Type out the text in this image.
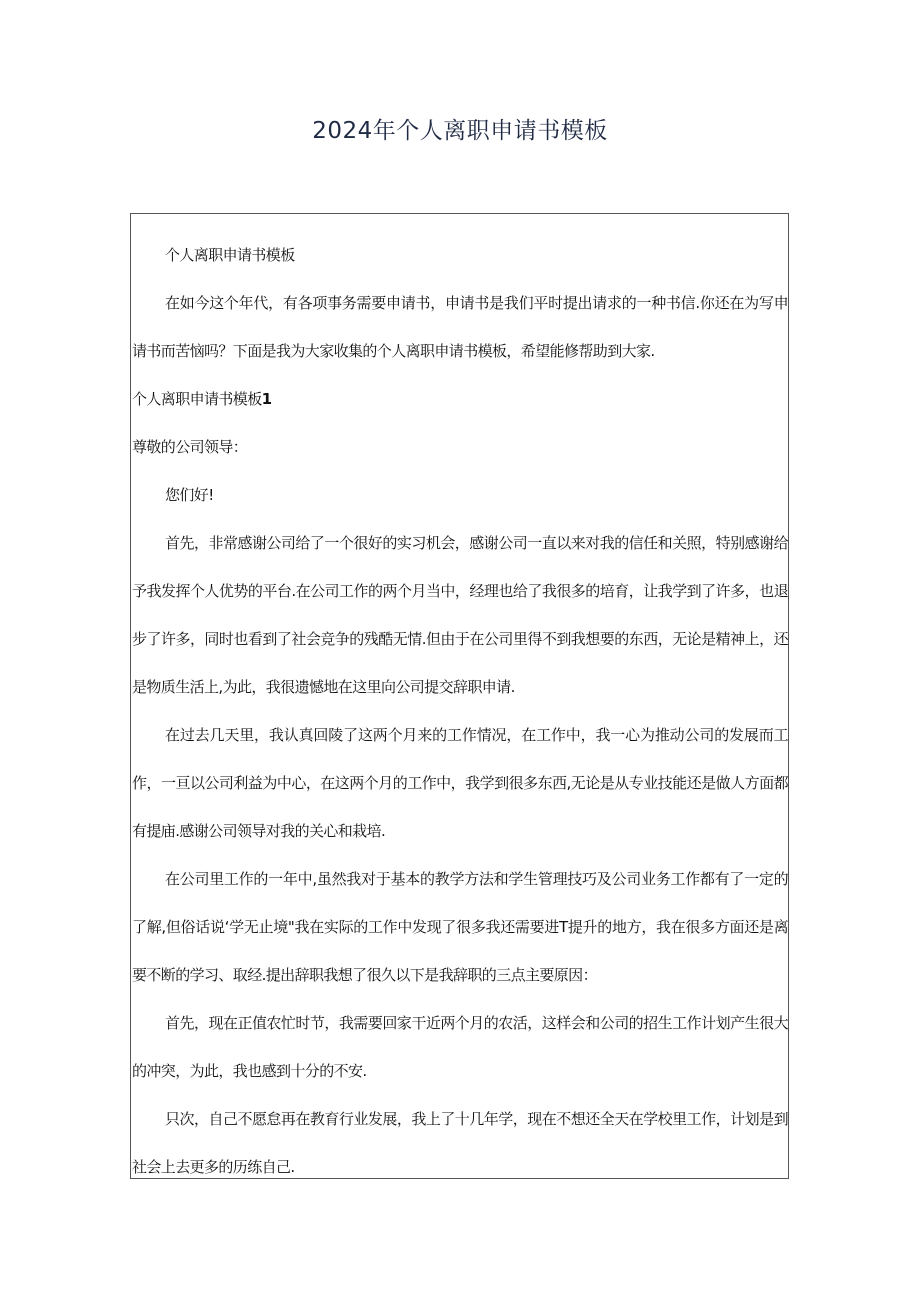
2024年个人离职申请书模板

个人离职申请书模板

在如今这个年代，有各项事务需要申请书，申请书是我们平时提出请求的一种书信.你还在为写申请书而苦恼吗？下面是我为大家收集的个人离职申请书模板，希望能修帮助到大家.

个人离职申请书模板1

尊敬的公司领导：

您们好!

首先，非常感谢公司给了一个很好的实习机会，感谢公司一直以来对我的信任和关照，特别感谢给予我发挥个人优势的平台.在公司工作的两个月当中，经理也给了我很多的培育，让我学到了许多，也退步了许多，同时也看到了社会竞争的残酷无情.但由于在公司里得不到我想要的东西，无论是精神上，还是物质生活上,为此，我很遗憾地在这里向公司提交辞职申请.

在过去几天里，我认真回陵了这两个月来的工作情况，在工作中，我一心为推动公司的发展而工作，一亘以公司利益为中心，在这两个月的工作中，我学到很多东西,无论是从专业技能还是做人方面都有提庙.感谢公司领导对我的关心和栽培.

在公司里工作的一年中,虽然我对于基本的教学方法和学生管理技巧及公司业务工作都有了一定的了解,但俗话说‘学无止境"我在实际的工作中发现了很多我还需要进T提升的地方，我在很多方面还是离要不断的学习、取经.提出辞职我想了很久以下是我辞职的三点主要原因：

首先，现在正值农忙时节，我需要回家干近两个月的农活，这样会和公司的招生工作计划产生很大的冲突，为此，我也感到十分的不安.

只次，自己不愿怠再在教育行业发展，我上了十几年学，现在不想还全天在学校里工作，计划是到社会上去更多的历练自己.
